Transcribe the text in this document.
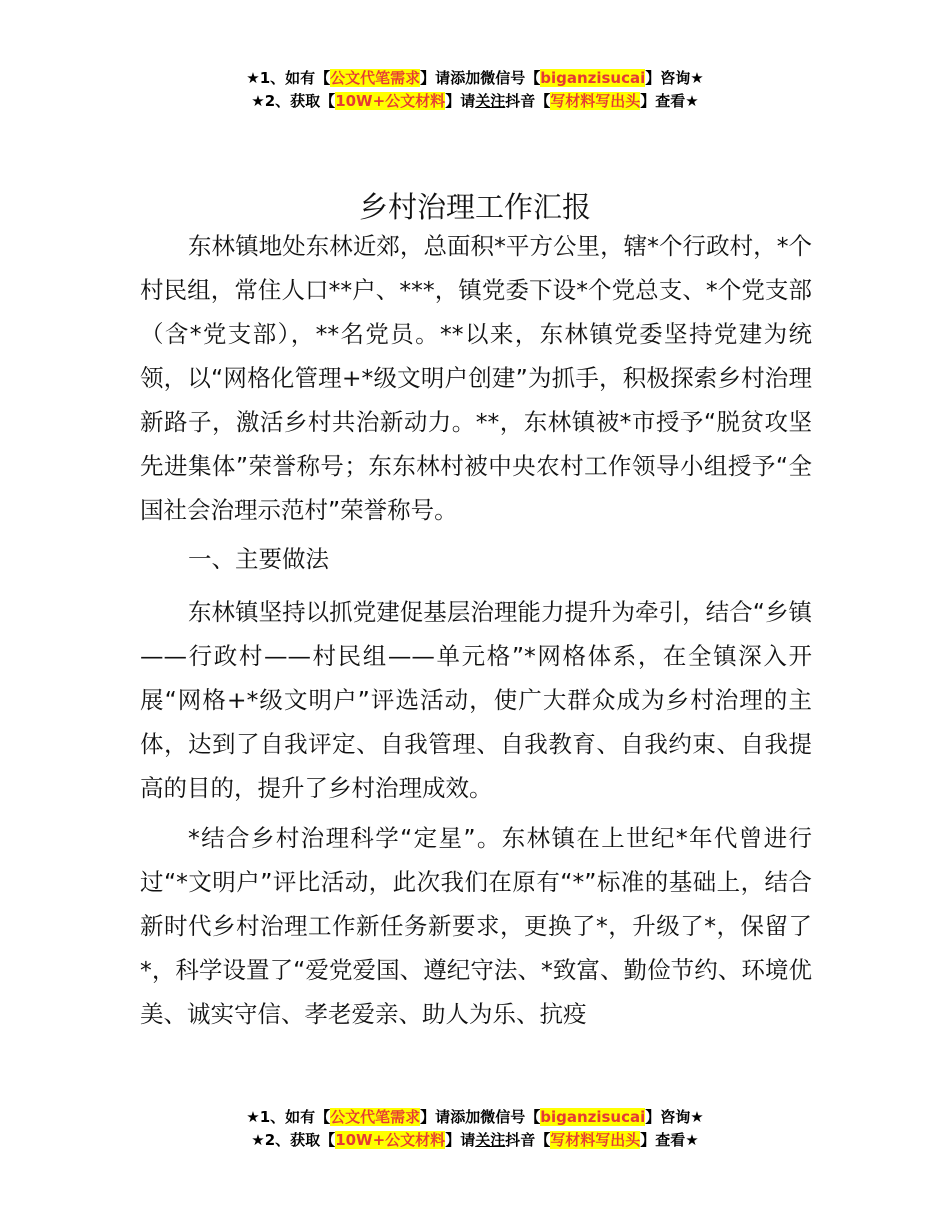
★1、如有【公文代笔需求】请添加微信号【biganzisucai】咨询★
★2、获取【10W+公文材料】请关注抖音【写材料写出头】查看★
乡村治理工作汇报

东林镇地处东林近郊，总面积*平方公里，辖*个行政村，*个村民组，常住人口**户、***，镇党委下设*个党总支、*个党支部（含*党支部），**名党员。**以来，东林镇党委坚持党建为统领，以“网格化管理+*级文明户创建”为抓手，积极探索乡村治理新路子，激活乡村共治新动力。**，东林镇被*市授予“脱贫攻坚先进集体”荣誉称号；东东林村被中央农村工作领导小组授予“全国社会治理示范村”荣誉称号。

一、主要做法

东林镇坚持以抓党建促基层治理能力提升为牵引，结合“乡镇——行政村——村民组——单元格”*网格体系，在全镇深入开展“网格+*级文明户”评选活动，使广大群众成为乡村治理的主体，达到了自我评定、自我管理、自我教育、自我约束、自我提高的目的，提升了乡村治理成效。

*结合乡村治理科学“定星”。东林镇在上世纪*年代曾进行过“*文明户”评比活动，此次我们在原有“*”标准的基础上，结合新时代乡村治理工作新任务新要求，更换了*，升级了*，保留了*，科学设置了“爱党爱国、遵纪守法、*致富、勤俭节约、环境优美、诚实守信、孝老爱亲、助人为乐、抗疫

★1、如有【公文代笔需求】请添加微信号【biganzisucai】咨询★
★2、获取【10W+公文材料】请关注抖音【写材料写出头】查看★
